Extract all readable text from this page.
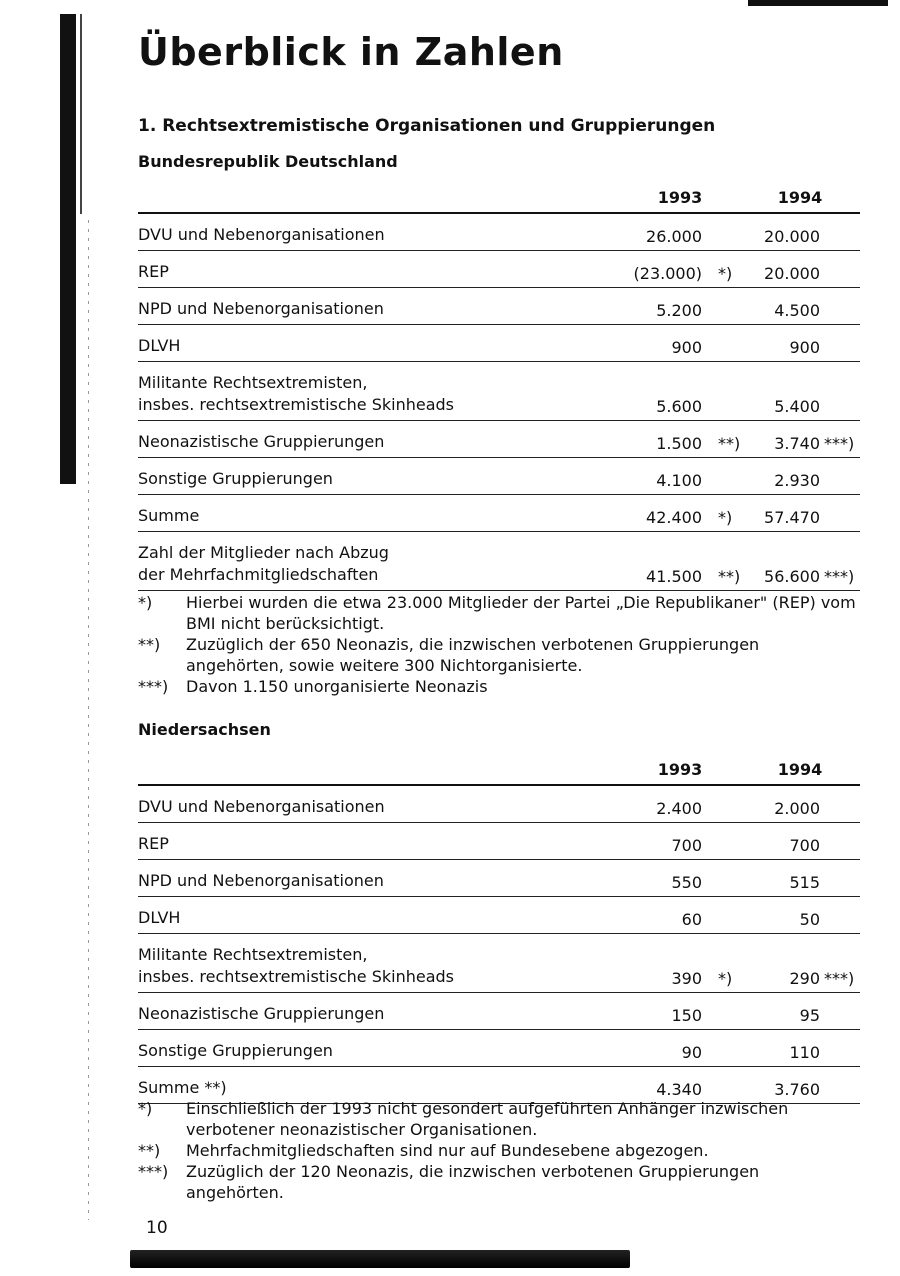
Überblick in Zahlen
1. Rechtsextremistische Organisationen und Gruppierungen
Bundesrepublik Deutschland
1993	1994
DVU und Nebenorganisationen	26.000	20.000
REP	(23.000) *) 20.000
NPD und Nebenorganisationen	5.200	4.500
DLVH	900	900
Militante Rechtsextremisten,
insbes. rechtsextremistische Skinheads	5.600	5.400
Neonazistische Gruppierungen	1.500 **) 3.740 ***)
Sonstige Gruppierungen	4.100	2.930
Summe	42.400 *) 57.470
Zahl der Mitglieder nach Abzug
der Mehrfachmitgliedschaften	41.500 **) 56.600 ***)
*)	Hierbei wurden die etwa 23.000 Mitglieder der Partei „Die Republikaner" (REP) vom BMI nicht berücksichtigt.
**)	Zuzüglich der 650 Neonazis, die inzwischen verbotenen Gruppierungen angehörten, sowie weitere 300 Nichtorganisierte.
***)	Davon 1.150 unorganisierte Neonazis
Niedersachsen
1993	1994
DVU und Nebenorganisationen	2.400	2.000
REP	700	700
NPD und Nebenorganisationen	550	515
DLVH	60	50
Militante Rechtsextremisten,
insbes. rechtsextremistische Skinheads	390 *)	290 ***)
Neonazistische Gruppierungen	150	95
Sonstige Gruppierungen	90	110
Summe **)	4.340	3.760
*)	Einschließlich der 1993 nicht gesondert aufgeführten Anhänger inzwischen verbotener neonazistischer Organisationen.
**)	Mehrfachmitgliedschaften sind nur auf Bundesebene abgezogen.
***)	Zuzüglich der 120 Neonazis, die inzwischen verbotenen Gruppierungen angehörten.
10
